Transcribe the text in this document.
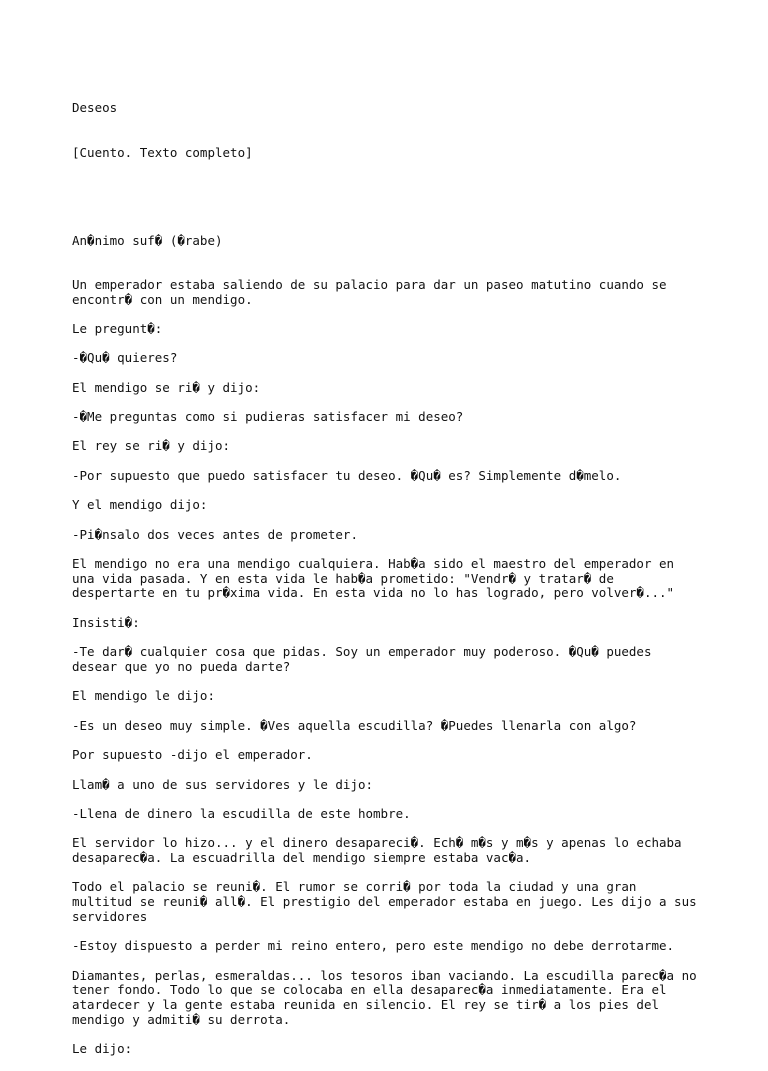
Deseos

[Cuento. Texto completo]

An�nimo suf� (�rabe)

Un emperador estaba saliendo de su palacio para dar un paseo matutino cuando se
encontr� con un mendigo.
Le pregunt�:
-�Qu� quieres?
El mendigo se ri� y dijo:
-�Me preguntas como si pudieras satisfacer mi deseo?
El rey se ri� y dijo:
-Por supuesto que puedo satisfacer tu deseo. �Qu� es? Simplemente d�melo.
Y el mendigo dijo:
-Pi�nsalo dos veces antes de prometer.
El mendigo no era una mendigo cualquiera. Hab�a sido el maestro del emperador en
una vida pasada. Y en esta vida le hab�a prometido: "Vendr� y tratar� de
despertarte en tu pr�xima vida. En esta vida no lo has logrado, pero volver�..."
Insisti�:
-Te dar� cualquier cosa que pidas. Soy un emperador muy poderoso. �Qu� puedes
desear que yo no pueda darte?
El mendigo le dijo:
-Es un deseo muy simple. �Ves aquella escudilla? �Puedes llenarla con algo?
Por supuesto -dijo el emperador.
Llam� a uno de sus servidores y le dijo:
-Llena de dinero la escudilla de este hombre.
El servidor lo hizo... y el dinero desapareci�. Ech� m�s y m�s y apenas lo echaba
desaparec�a. La escuadrilla del mendigo siempre estaba vac�a.
Todo el palacio se reuni�. El rumor se corri� por toda la ciudad y una gran
multitud se reuni� all�. El prestigio del emperador estaba en juego. Les dijo a sus
servidores
-Estoy dispuesto a perder mi reino entero, pero este mendigo no debe derrotarme.
Diamantes, perlas, esmeraldas... los tesoros iban vaciando. La escudilla parec�a no
tener fondo. Todo lo que se colocaba en ella desaparec�a inmediatamente. Era el
atardecer y la gente estaba reunida en silencio. El rey se tir� a los pies del
mendigo y admiti� su derrota.
Le dijo:
